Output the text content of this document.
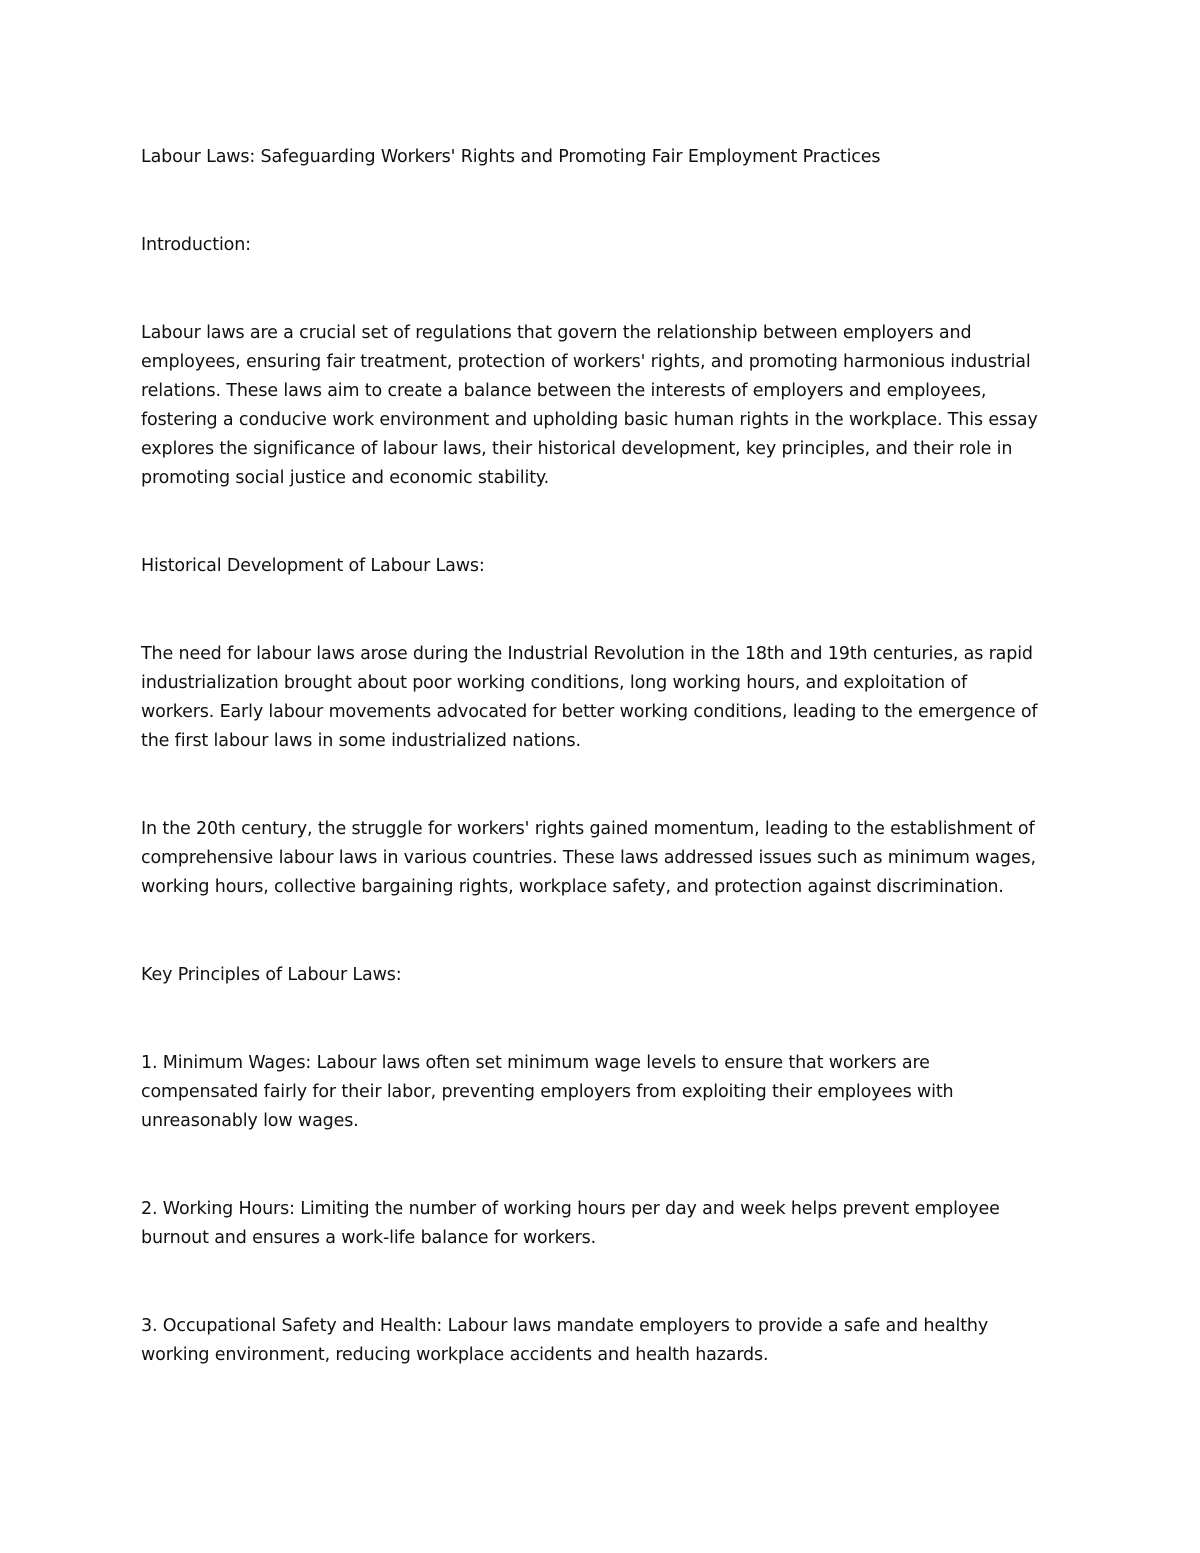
Labour Laws: Safeguarding Workers' Rights and Promoting Fair Employment Practices
Introduction:
Labour laws are a crucial set of regulations that govern the relationship between employers and
employees, ensuring fair treatment, protection of workers' rights, and promoting harmonious industrial
relations. These laws aim to create a balance between the interests of employers and employees,
fostering a conducive work environment and upholding basic human rights in the workplace. This essay
explores the significance of labour laws, their historical development, key principles, and their role in
promoting social justice and economic stability.
Historical Development of Labour Laws:
The need for labour laws arose during the Industrial Revolution in the 18th and 19th centuries, as rapid
industrialization brought about poor working conditions, long working hours, and exploitation of
workers. Early labour movements advocated for better working conditions, leading to the emergence of
the first labour laws in some industrialized nations.
In the 20th century, the struggle for workers' rights gained momentum, leading to the establishment of
comprehensive labour laws in various countries. These laws addressed issues such as minimum wages,
working hours, collective bargaining rights, workplace safety, and protection against discrimination.
Key Principles of Labour Laws:
1. Minimum Wages: Labour laws often set minimum wage levels to ensure that workers are
compensated fairly for their labor, preventing employers from exploiting their employees with
unreasonably low wages.
2. Working Hours: Limiting the number of working hours per day and week helps prevent employee
burnout and ensures a work-life balance for workers.
3. Occupational Safety and Health: Labour laws mandate employers to provide a safe and healthy
working environment, reducing workplace accidents and health hazards.
